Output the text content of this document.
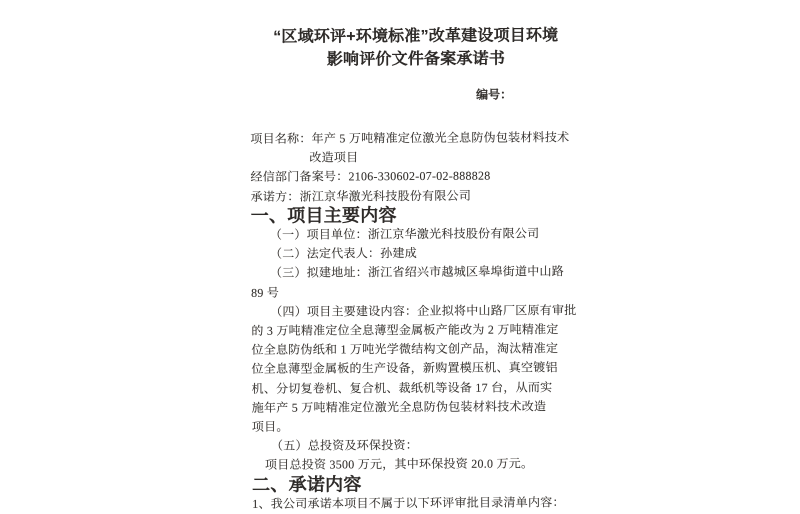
“区域环评+环境标准”改革建设项目环境
影响评价文件备案承诺书

编号：

项目名称：年产 5 万吨精准定位激光全息防伪包装材料技术
改造项目

经信部门备案号：2106-330602-07-02-888828

承诺方：浙江京华激光科技股份有限公司

一、项目主要内容

（一）项目单位：浙江京华激光科技股份有限公司

（二）法定代表人：孙建成

（三）拟建地址：浙江省绍兴市越城区皋埠街道中山路
89 号

（四）项目主要建设内容：企业拟将中山路厂区原有审批
的 3 万吨精准定位全息薄型金属板产能改为 2 万吨精准定
位全息防伪纸和 1 万吨光学微结构文创产品，淘汰精准定
位全息薄型金属板的生产设备，新购置模压机、真空镀铝
机、分切复卷机、复合机、裁纸机等设备 17 台，从而实
施年产 5 万吨精准定位激光全息防伪包装材料技术改造
项目。

（五）总投资及环保投资：

项目总投资 3500 万元，其中环保投资 20.0 万元。

二、承诺内容

1、我公司承诺本项目不属于以下环评审批目录清单内容：
